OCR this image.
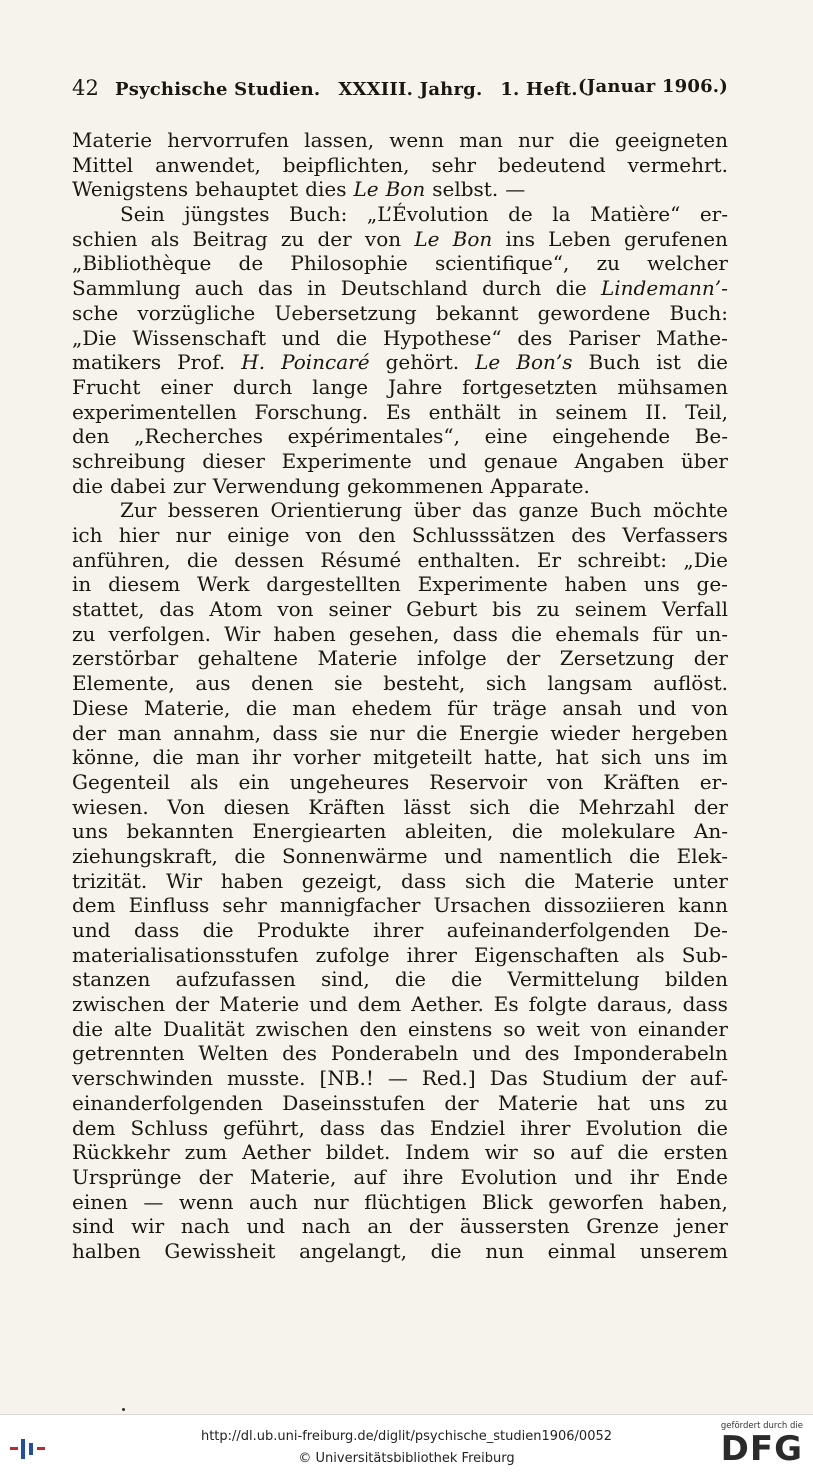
42 Psychische Studien. XXXIII. Jahrg. 1. Heft. (Januar 1906.)
Materie hervorrufen lassen, wenn man nur die geeigneten
Mittel anwendet, beipflichten, sehr bedeutend vermehrt.
Wenigstens behauptet dies Le Bon selbst. —
Sein jüngstes Buch: „L’Évolution de la Matière“ er-
schien als Beitrag zu der von Le Bon ins Leben gerufenen
„Bibliothèque de Philosophie scientifique“, zu welcher
Sammlung auch das in Deutschland durch die Lindemann’-
sche vorzügliche Uebersetzung bekannt gewordene Buch:
„Die Wissenschaft und die Hypothese“ des Pariser Mathe-
matikers Prof. H. Poincaré gehört. Le Bon’s Buch ist die
Frucht einer durch lange Jahre fortgesetzten mühsamen
experimentellen Forschung. Es enthält in seinem II. Teil,
den „Recherches expérimentales“, eine eingehende Be-
schreibung dieser Experimente und genaue Angaben über
die dabei zur Verwendung gekommenen Apparate.
Zur besseren Orientierung über das ganze Buch möchte
ich hier nur einige von den Schlusssätzen des Verfassers
anführen, die dessen Résumé enthalten. Er schreibt: „Die
in diesem Werk dargestellten Experimente haben uns ge-
stattet, das Atom von seiner Geburt bis zu seinem Verfall
zu verfolgen. Wir haben gesehen, dass die ehemals für un-
zerstörbar gehaltene Materie infolge der Zersetzung der
Elemente, aus denen sie besteht, sich langsam auflöst.
Diese Materie, die man ehedem für träge ansah und von
der man annahm, dass sie nur die Energie wieder hergeben
könne, die man ihr vorher mitgeteilt hatte, hat sich uns im
Gegenteil als ein ungeheures Reservoir von Kräften er-
wiesen. Von diesen Kräften lässt sich die Mehrzahl der
uns bekannten Energiearten ableiten, die molekulare An-
ziehungskraft, die Sonnenwärme und namentlich die Elek-
trizität. Wir haben gezeigt, dass sich die Materie unter
dem Einfluss sehr mannigfacher Ursachen dissoziieren kann
und dass die Produkte ihrer aufeinanderfolgenden De-
materialisationsstufen zufolge ihrer Eigenschaften als Sub-
stanzen aufzufassen sind, die die Vermittelung bilden
zwischen der Materie und dem Aether. Es folgte daraus, dass
die alte Dualität zwischen den einstens so weit von einander
getrennten Welten des Ponderabeln und des Imponderabeln
verschwinden musste. [NB.! — Red.] Das Studium der auf-
einanderfolgenden Daseinsstufen der Materie hat uns zu
dem Schluss geführt, dass das Endziel ihrer Evolution die
Rückkehr zum Aether bildet. Indem wir so auf die ersten
Ursprünge der Materie, auf ihre Evolution und ihr Ende
einen — wenn auch nur flüchtigen Blick geworfen haben,
sind wir nach und nach an der äussersten Grenze jener
halben Gewissheit angelangt, die nun einmal unserem
http://dl.ub.uni-freiburg.de/diglit/psychische_studien1906/0052
© Universitätsbibliothek Freiburg
gefördert durch die
DFG
